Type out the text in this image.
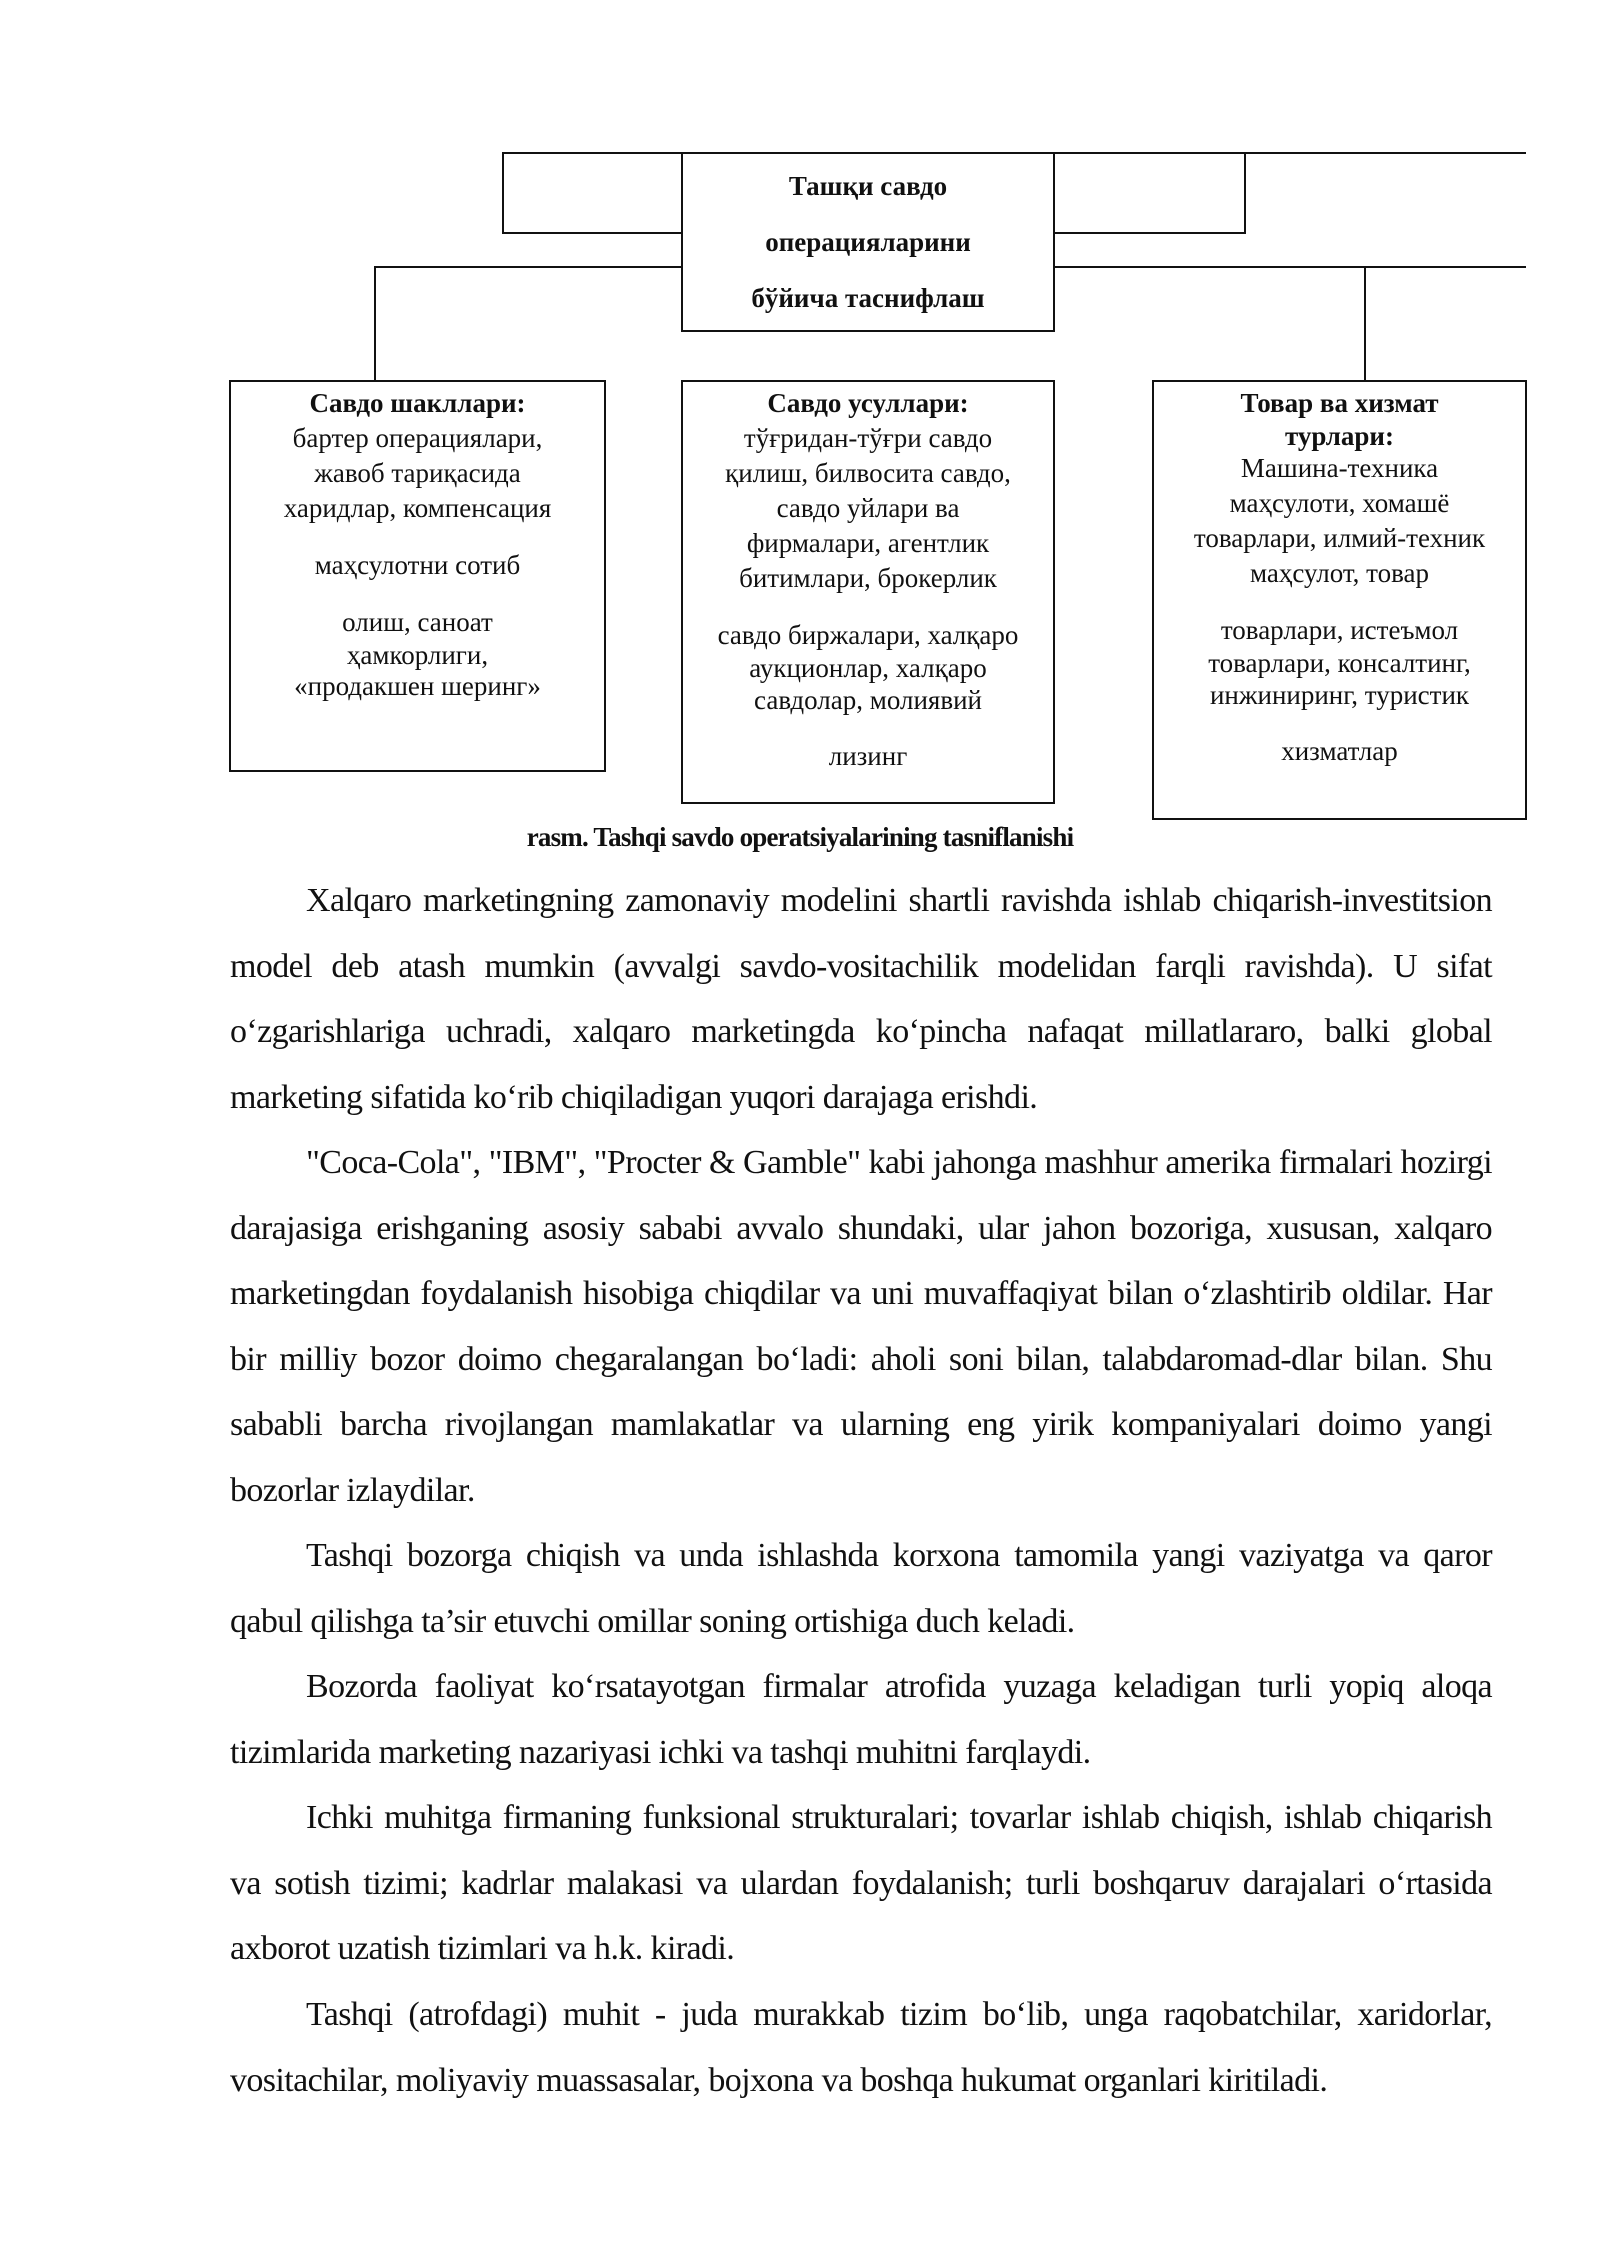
Ташқи савдо
операцияларини
бўйича таснифлаш
Савдо шакллари:
бартер операциялари,
жавоб тариқасида
харидлар, компенсация
маҳсулотни сотиб
олиш, саноат
ҳамкорлиги,
«продакшен шеринг»
Савдо усуллари:
тўғридан-тўғри савдо
қилиш, билвосита савдо,
савдо уйлари ва
фирмалари, агентлик
битимлари, брокерлик
савдо биржалари, халқаро
аукционлар, халқаро
савдолар, молиявий
лизинг
Товар ва хизмат
турлари:
Машина-техника
маҳсулоти, хомашё
товарлари, илмий-техник
маҳсулот, товар
товарлари, истеъмол
товарлари, консалтинг,
инжиниринг, туристик
хизматлар
rasm. Tashqi savdo operatsiyalarining tasniflanishi

Xalqaro marketingning zamonaviy modelini shartli ravishda ishlab chiqarish-investitsion model deb atash mumkin (avvalgi savdo-vositachilik modelidan farqli ravishda). U sifat oʻzgarishlariga uchradi, xalqaro marketingda koʻpincha nafaqat millatlararo, balki global marketing sifatida koʻrib chiqiladigan yuqori darajaga erishdi.

"Coca-Cola", "IBM", "Procter & Gamble" kabi jahonga mashhur amerika firmalari hozirgi darajasiga erishganing asosiy sababi avvalo shundaki, ular jahon bozoriga, xususan, xalqaro marketingdan foydalanish hisobiga chiqdilar va uni muvaffaqiyat bilan oʻzlashtirib oldilar. Har bir milliy bozor doimo chegaralangan boʻladi: aholi soni bilan, talabdaromad-dlar bilan. Shu sababli barcha rivojlangan mamlakatlar va ularning eng yirik kompaniyalari doimo yangi bozorlar izlaydilar.

Tashqi bozorga chiqish va unda ishlashda korxona tamomila yangi vaziyatga va qaror qabul qilishga ta’sir etuvchi omillar soning ortishiga duch keladi.

Bozorda faoliyat koʻrsatayotgan firmalar atrofida yuzaga keladigan turli yopiq aloqa tizimlarida marketing nazariyasi ichki va tashqi muhitni farqlaydi.

Ichki muhitga firmaning funksional strukturalari; tovarlar ishlab chiqish, ishlab chiqarish va sotish tizimi; kadrlar malakasi va ulardan foydalanish; turli boshqaruv darajalari oʻrtasida axborot uzatish tizimlari va h.k. kiradi.

Tashqi (atrofdagi) muhit - juda murakkab tizim boʻlib, unga raqobatchilar, xaridorlar, vositachilar, moliyaviy muassasalar, bojxona va boshqa hukumat organlari kiritiladi.
